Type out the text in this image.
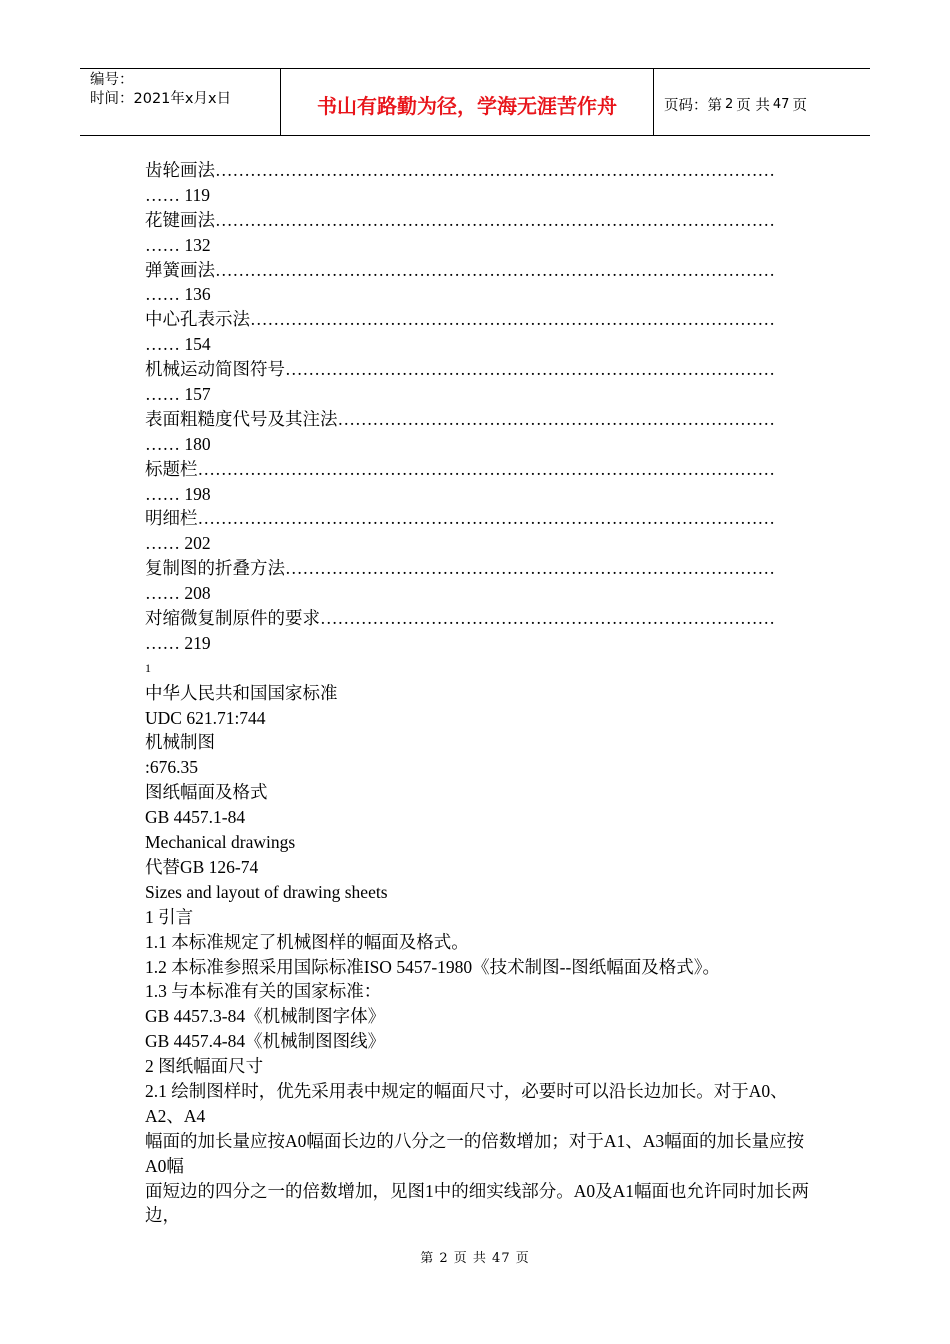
编号：
时间：2021年x月x日	书山有路勤为径，学海无涯苦作舟	页码：第 2 页 共 47 页
齿轮画法……………………………………………………………………………………
…… 119
花键画法……………………………………………………………………………………
…… 132
弹簧画法……………………………………………………………………………………
…… 136
中心孔表示法………………………………………………………………………………
…… 154
机械运动简图符号…………………………………………………………………………
…… 157
表面粗糙度代号及其注法…………………………………………………………………
…… 180
标题栏………………………………………………………………………………………
…… 198
明细栏………………………………………………………………………………………
…… 202
复制图的折叠方法…………………………………………………………………………
…… 208
对缩微复制原件的要求……………………………………………………………………
…… 219
1
中华人民共和国国家标准
UDC 621.71:744
机械制图
:676.35
图纸幅面及格式
GB 4457.1-84
Mechanical drawings
代替GB 126-74
Sizes and layout of drawing sheets
1 引言
1.1 本标准规定了机械图样的幅面及格式。
1.2 本标准参照采用国际标准ISO 5457-1980《技术制图--图纸幅面及格式》。
1.3 与本标准有关的国家标准：
GB 4457.3-84《机械制图字体》
GB 4457.4-84《机械制图图线》
2 图纸幅面尺寸
2.1 绘制图样时，优先采用表中规定的幅面尺寸，必要时可以沿长边加长。对于A0、A2、A4
幅面的加长量应按A0幅面长边的八分之一的倍数增加；对于A1、A3幅面的加长量应按A0幅
面短边的四分之一的倍数增加，见图1中的细实线部分。A0及A1幅面也允许同时加长两边，
第 2 页 共 47 页
